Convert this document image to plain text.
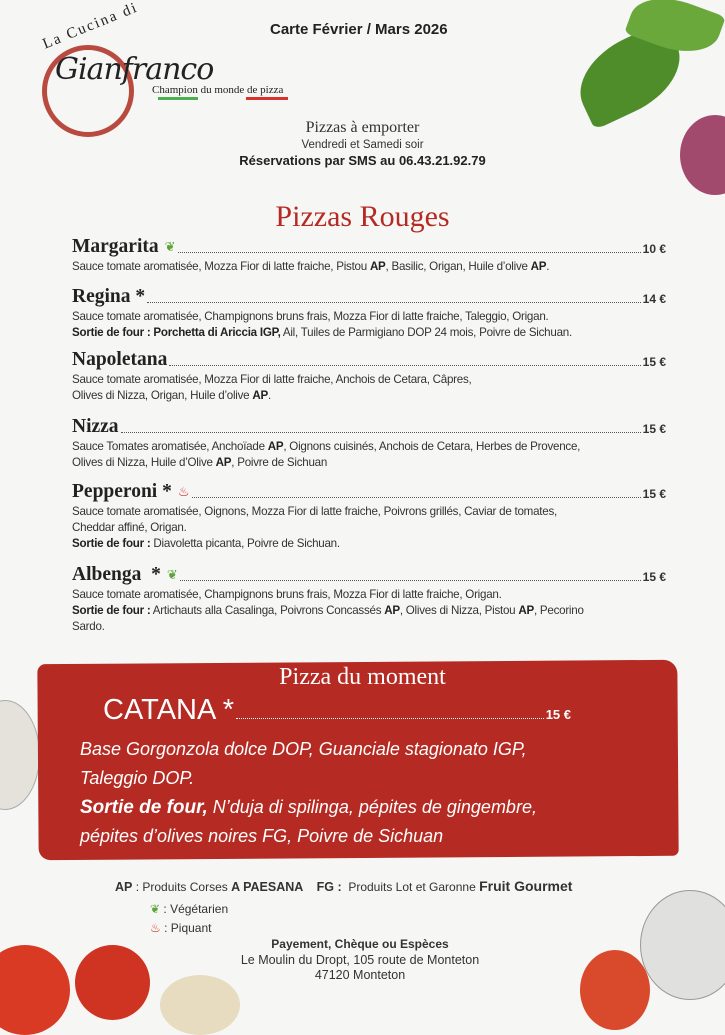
La Cucina di
Gianfranco
Champion du monde de pizza
Carte Février / Mars 2026
Pizzas à emporter
Vendredi et Samedi soir
Réservations par SMS au 06.43.21.92.79
Pizzas Rouges
Margarita ❦	10 €
Sauce tomate aromatisée, Mozza Fior di latte fraiche, Pistou AP, Basilic, Origan, Huile d’olive AP.
Regina *	14 €
Sauce tomate aromatisée, Champignons bruns frais, Mozza Fior di latte fraiche, Taleggio, Origan.
Sortie de four : Porchetta di Ariccia IGP, Ail, Tuiles de Parmigiano DOP 24 mois, Poivre de Sichuan.
Napoletana	15 €
Sauce tomate aromatisée, Mozza Fior di latte fraiche, Anchois de Cetara, Câpres,
Olives di Nizza, Origan, Huile d’olive AP.
Nizza	15 €
Sauce Tomates aromatisée, Anchoïade AP, Oignons cuisinés, Anchois de Cetara, Herbes de Provence,
Olives di Nizza, Huile d’Olive AP, Poivre de Sichuan
Pepperoni * ♨	15 €
Sauce tomate aromatisée, Oignons, Mozza Fior di latte fraiche, Poivrons grillés, Caviar de tomates,
Cheddar affiné, Origan.
Sortie de four : Diavoletta picanta, Poivre de Sichuan.
Albenga  * ❦	15 €
Sauce tomate aromatisée, Champignons bruns frais, Mozza Fior di latte fraiche, Origan.
Sortie de four : Artichauts alla Casalinga, Poivrons Concassés AP, Olives di Nizza, Pistou AP, Pecorino
Sardo.
Pizza du moment
CATANA *	15 €
Base Gorgonzola dolce DOP, Guanciale stagionato IGP,
Taleggio DOP.
Sortie de four, N’duja di spilinga, pépites de gingembre,
pépites d’olives noires FG, Poivre de Sichuan
AP : Produits Corses A PAESANA FG :  Produits Lot et Garonne Fruit Gourmet
❦ : Végétarien
♨ : Piquant
Payement, Chèque ou Espèces
Le Moulin du Dropt, 105 route de Monteton
47120 Monteton
